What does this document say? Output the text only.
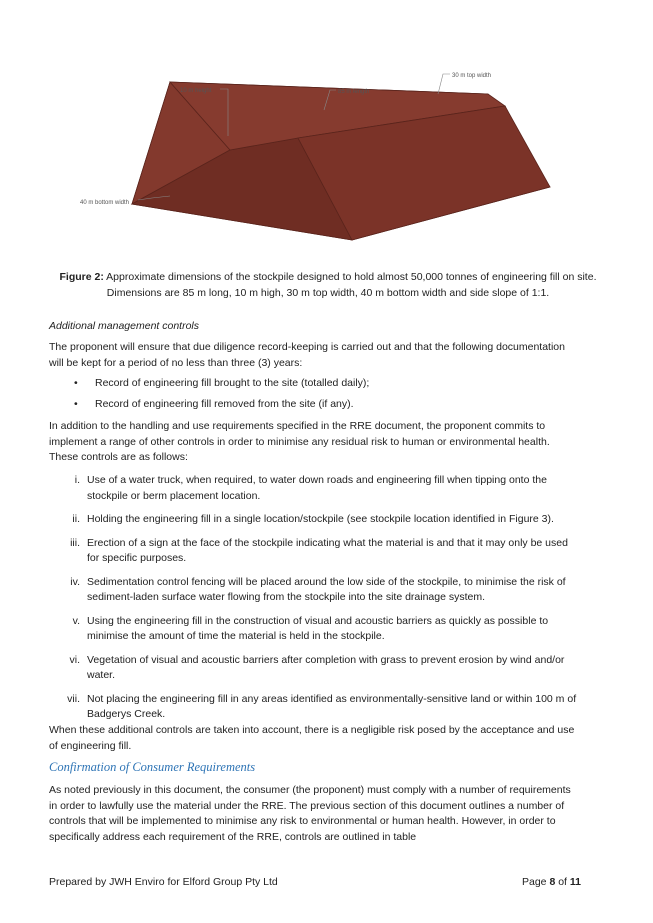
10 m height	85 m length
30 m top width
40 m bottom width
Figure 2: Approximate dimensions of the stockpile designed to hold almost 50,000 tonnes of engineering fill on site. Dimensions are 85 m long, 10 m high, 30 m top width, 40 m bottom width and side slope of 1:1.
Additional management controls
The proponent will ensure that due diligence record-keeping is carried out and that the following documentation will be kept for a period of no less than three (3) years:
• Record of engineering fill brought to the site (totalled daily);
• Record of engineering fill removed from the site (if any).
In addition to the handling and use requirements specified in the RRE document, the proponent commits to implement a range of other controls in order to minimise any residual risk to human or environmental health. These controls are as follows:
i. Use of a water truck, when required, to water down roads and engineering fill when tipping onto the stockpile or berm placement location.
ii. Holding the engineering fill in a single location/stockpile (see stockpile location identified in Figure 3).
iii. Erection of a sign at the face of the stockpile indicating what the material is and that it may only be used for specific purposes.
iv. Sedimentation control fencing will be placed around the low side of the stockpile, to minimise the risk of sediment-laden surface water flowing from the stockpile into the site drainage system.
v. Using the engineering fill in the construction of visual and acoustic barriers as quickly as possible to minimise the amount of time the material is held in the stockpile.
vi. Vegetation of visual and acoustic barriers after completion with grass to prevent erosion by wind and/or water.
vii. Not placing the engineering fill in any areas identified as environmentally-sensitive land or within 100 m of Badgerys Creek.
When these additional controls are taken into account, there is a negligible risk posed by the acceptance and use of engineering fill.
Confirmation of Consumer Requirements
As noted previously in this document, the consumer (the proponent) must comply with a number of requirements in order to lawfully use the material under the RRE. The previous section of this document outlines a number of controls that will be implemented to minimise any risk to environmental or human health. However, in order to specifically address each requirement of the RRE, controls are outlined in table
Prepared by JWH Enviro for Elford Group Pty Ltd	Page 8 of 11
